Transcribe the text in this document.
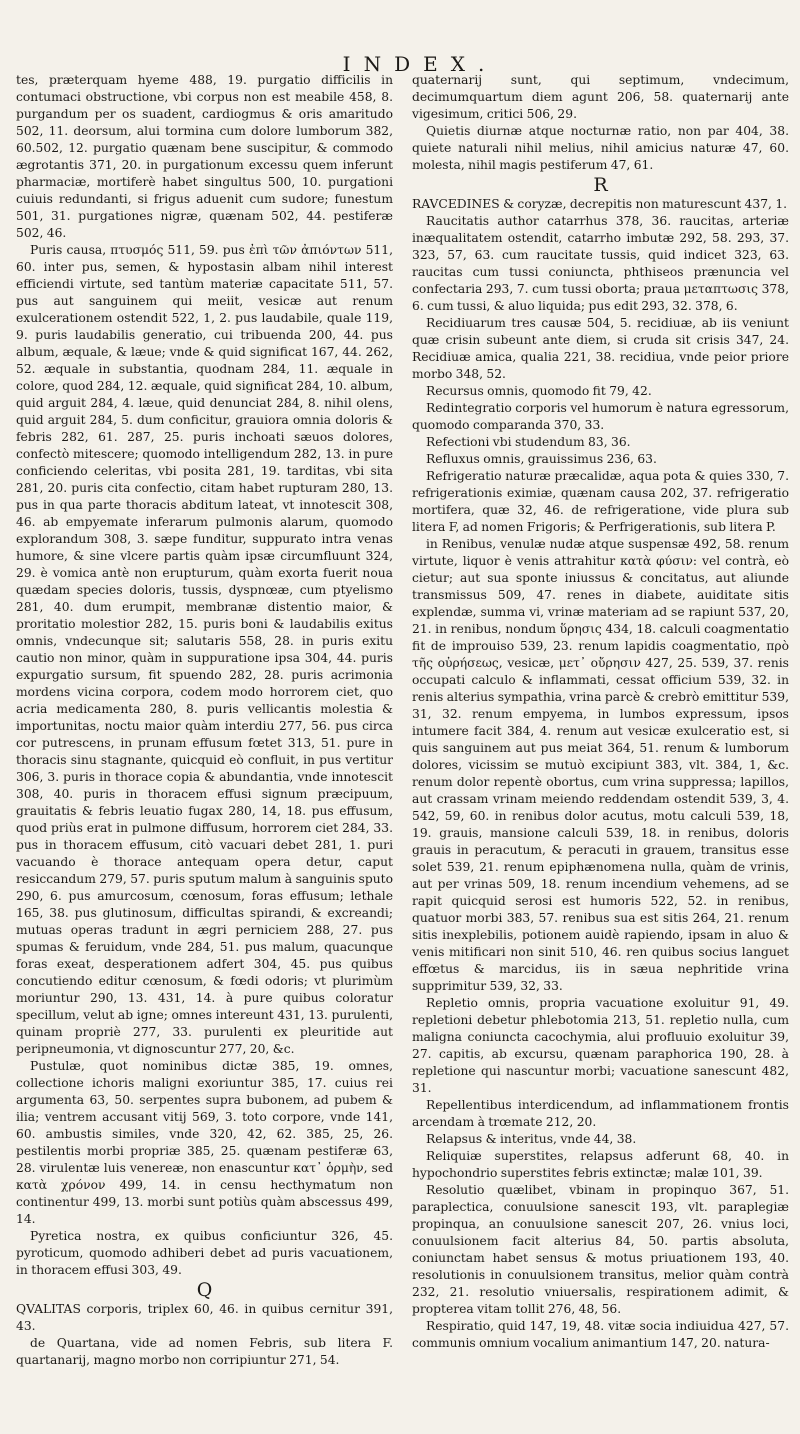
INDEX.

tes, præterquam hyeme 488, 19. purgatio difficilis in contumaci obstructione, vbi corpus non est meabile 458, 8. purgandum per os suadent, cardiogmus & oris amaritudo 502, 11. deorsum, alui tormina cum dolore lumborum 382, 60.502, 12. purgatio quænam bene suscipitur, & commodo ægrotantis 371, 20. in purgationum excessu quem inferunt pharmaciæ, mortiferè habet singultus 500, 10. purgationi cuiuis redundanti, si frigus aduenit cum sudore; funestum 501, 31. purgationes nigræ, quænam 502, 44. pestiferæ 502, 46.

Puris causa, πτυσμός 511, 59. pus ἐπὶ τῶν ἀπιόντων 511, 60. inter pus, semen, & hypostasin albam nihil interest efficiendi virtute, sed tantùm materiæ capacitate 511, 57. pus aut sanguinem qui meiit, vesicæ aut renum exulcerationem ostendit 522, 1, 2. pus laudabile, quale 119, 9. puris laudabilis generatio, cui tribuenda 200, 44. pus album, æquale, & læue; vnde & quid significat 167, 44. 262, 52. æquale in substantia, quodnam 284, 11. æquale in colore, quod 284, 12. æquale, quid significat 284, 10. album, quid arguit 284, 4. læue, quid denunciat 284, 8. nihil olens, quid arguit 284, 5. dum conficitur, grauiora omnia doloris & febris 282, 61. 287, 25. puris inchoati sæuos dolores, confectò mitescere; quomodo intelligendum 282, 13. in pure conficiendo celeritas, vbi posita 281, 19. tarditas, vbi sita 281, 20. puris cita confectio, citam habet rupturam 280, 13. pus in qua parte thoracis abditum lateat, vt innotescit 308, 46. ab empyemate inferarum pulmonis alarum, quomodo explorandum 308, 3. sæpe funditur, suppurato intra venas humore, & sine vlcere partis quàm ipsæ circumfluunt 324, 29. è vomica antè non erupturum, quàm exorta fuerit noua quædam species doloris, tussis, dyspnœæ, cum ptyelismo 281, 40. dum erumpit, membranæ distentio maior, & proritatio molestior 282, 15. puris boni & laudabilis exitus omnis, vndecunque sit; salutaris 558, 28. in puris exitu cautio non minor, quàm in suppuratione ipsa 304, 44. puris expurgatio sursum, fit spuendo 282, 28. puris acrimonia mordens vicina corpora, codem modo horrorem ciet, quo acria medicamenta 280, 8. puris vellicantis molestia & importunitas, noctu maior quàm interdiu 277, 56. pus circa cor putrescens, in prunam effusum fœtet 313, 51. pure in thoracis sinu stagnante, quicquid eò confluit, in pus vertitur 306, 3. puris in thorace copia & abundantia, vnde innotescit 308, 40. puris in thoracem effusi signum præcipuum, grauitatis & febris leuatio fugax 280, 14, 18. pus effusum, quod priùs erat in pulmone diffusum, horrorem ciet 284, 33. pus in thoracem effusum, citò vacuari debet 281, 1. puri vacuando è thorace antequam opera detur, caput resiccandum 279, 57. puris sputum malum à sanguinis sputo 290, 6. pus amurcosum, cœnosum, foras effusum; lethale 165, 38. pus glutinosum, difficultas spirandi, & excreandi; mutuas operas tradunt in ægri perniciem 288, 27. pus spumas & feruidum, vnde 284, 51. pus malum, quacunque foras exeat, desperationem adfert 304, 45. pus quibus concutiendo editur cœnosum, & fœdi odoris; vt plurimùm moriuntur 290, 13. 431, 14. à pure quibus coloratur specillum, velut ab igne; omnes intereunt 431, 13. purulenti, quinam propriè 277, 33. purulenti ex pleuritide aut peripneumonia, vt dignoscuntur 277, 20, &c.

Pustulæ, quot nominibus dictæ 385, 19. omnes, collectione ichoris maligni exoriuntur 385, 17. cuius rei argumenta 63, 50. serpentes supra bubonem, ad pubem & ilia; ventrem accusant vitij 569, 3. toto corpore, vnde 141, 60. ambustis similes, vnde 320, 42, 62. 385, 25, 26. pestilentis morbi propriæ 385, 25. quænam pestiferæ 63, 28. virulentæ luis venereæ, non enascuntur κατ᾽ ὁρμὴν, sed κατὰ χρόνον 499, 14. in censu hecthymatum non continentur 499, 13. morbi sunt potiùs quàm abscessus 499, 14.

Pyretica nostra, ex quibus conficiuntur 326, 45. pyroticum, quomodo adhiberi debet ad puris vacuationem, in thoracem effusi 303, 49.

Q

QVALITAS corporis, triplex 60, 46. in quibus cernitur 391, 43.

de Quartana, vide ad nomen Febris, sub litera F. quartanarij, magno morbo non corripiuntur 271, 54.

quaternarij sunt, qui septimum, vndecimum, decimumquartum diem agunt 206, 58. quaternarij ante vigesimum, critici 506, 29.

Quietis diurnæ atque nocturnæ ratio, non par 404, 38. quiete naturali nihil melius, nihil amicius naturæ 47, 60. molesta, nihil magis pestiferum 47, 61.

R

RAVCEDINES & coryzæ, decrepitis non maturescunt 437, 1.

Raucitatis author catarrhus 378, 36. raucitas, arteriæ inæqualitatem ostendit, catarrho imbutæ 292, 58. 293, 37. 323, 57, 63. cum raucitate tussis, quid indicet 323, 63. raucitas cum tussi coniuncta, phthiseos prænuncia vel confectaria 293, 7. cum tussi oborta; praua μεταπτωσις 378, 6. cum tussi, & aluo liquida; pus edit 293, 32. 378, 6.

Recidiuarum tres causæ 504, 5. recidiuæ, ab iis veniunt quæ crisin subeunt ante diem, si cruda sit crisis 347, 24. Recidiuæ amica, qualia 221, 38. recidiua, vnde peior priore morbo 348, 52.

Recursus omnis, quomodo fit 79, 42.

Redintegratio corporis vel humorum è natura egressorum, quomodo comparanda 370, 33.

Refectioni vbi studendum 83, 36.

Refluxus omnis, grauissimus 236, 63.

Refrigeratio naturæ præcalidæ, aqua pota & quies 330, 7. refrigerationis eximiæ, quænam causa 202, 37. refrigeratio mortifera, quæ 32, 46. de refrigeratione, vide plura sub litera F, ad nomen Frigoris; & Perfrigerationis, sub litera P.

in Renibus, venulæ nudæ atque suspensæ 492, 58. renum virtute, liquor è venis attrahitur κατὰ φύσιν: vel contrà, eò cietur; aut sua sponte iniussus & concitatus, aut aliunde transmissus 509, 47. renes in diabete, auiditate sitis explendæ, summa vi, vrinæ materiam ad se rapiunt 537, 20, 21. in renibus, nondum ὕρησις 434, 18. calculi coagmentatio fit de improuiso 539, 23. renum lapidis coagmentatio, πρὸ τῆς οὐρήσεως, vesicæ, μετ᾽ οὔρησιν 427, 25. 539, 37. renis occupati calculo & inflammati, cessat officium 539, 32. in renis alterius sympathia, vrina parcè & crebrò emittitur 539, 31, 32. renum empyema, in lumbos expressum, ipsos intumere facit 384, 4. renum aut vesicæ exulceratio est, si quis sanguinem aut pus meiat 364, 51. renum & lumborum dolores, vicissim se mutuò excipiunt 383, vlt. 384, 1, &c. renum dolor repentè obortus, cum vrina suppressa; lapillos, aut crassam vrinam meiendo reddendam ostendit 539, 3, 4. 542, 59, 60. in renibus dolor acutus, motu calculi 539, 18, 19. grauis, mansione calculi 539, 18. in renibus, doloris grauis in peracutum, & peracuti in grauem, transitus esse solet 539, 21. renum epiphænomena nulla, quàm de vrinis, aut per vrinas 509, 18. renum incendium vehemens, ad se rapit quicquid serosi est humoris 522, 52. in renibus, quatuor morbi 383, 57. renibus sua est sitis 264, 21. renum sitis inexplebilis, potionem auidè rapiendo, ipsam in aluo & venis mitificari non sinit 510, 46. ren quibus socius languet effœtus & marcidus, iis in sæua nephritide vrina supprimitur 539, 32, 33.

Repletio omnis, propria vacuatione exoluitur 91, 49. repletioni debetur phlebotomia 213, 51. repletio nulla, cum maligna coniuncta cacochymia, alui profluuio exoluitur 39, 27. capitis, ab excursu, quænam paraphorica 190, 28. à repletione qui nascuntur morbi; vacuatione sanescunt 482, 31.

Repellentibus interdicendum, ad inflammationem frontis arcendam à trœmate 212, 20.

Relapsus & interitus, vnde 44, 38.

Reliquiæ superstites, relapsus adferunt 68, 40. in hypochondrio superstites febris extinctæ; malæ 101, 39.

Resolutio quælibet, vbinam in propinquo 367, 51. paraplectica, conuulsione sanescit 193, vlt. paraplegiæ propinqua, an conuulsione sanescit 207, 26. vnius loci, conuulsionem facit alterius 84, 50. partis absoluta, coniunctam habet sensus & motus priuationem 193, 40. resolutionis in conuulsionem transitus, melior quàm contrà 232, 21. resolutio vniuersalis, respirationem adimit, & propterea vitam tollit 276, 48, 56.

Respiratio, quid 147, 19, 48. vitæ socia indiuidua 427, 57. communis omnium vocalium animantium 147, 20. natura-
